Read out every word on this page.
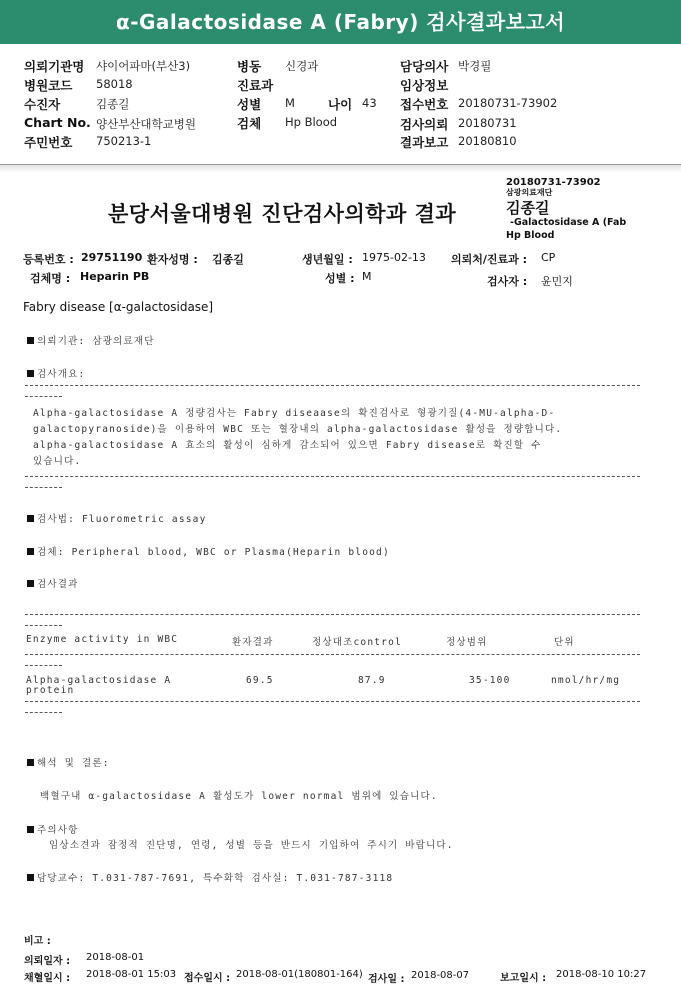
α-Galactosidase A (Fabry) 검사결과보고서
의뢰기관명 샤이어파마(부산3)
병원코드 58018
수진자	김종길
Chart No. 양산부산대학교병원
주민번호 750213-1
병동 신경과
진료과
성별 M	나이 43
검체 Hp Blood
담당의사 박경필
임상정보
접수번호 20180731-73902
검사의뢰 20180731
결과보고 20180810
20180731-73902
삼광의료재단
김종길
-Galactosidase A (Fab
Hp Blood
분당서울대병원 진단검사의학과 결과
등록번호 : 29751190 환자성명 : 김종길	생년월일 : 1975-02-13 의뢰처/진료과 : CP
검체명 : Heparin PB	성별 : M	검사자 : 윤민지
Fabry disease [α-galactosidase]
의뢰기관: 삼광의료재단
검사개요:
Alpha-galactosidase A 정량검사는 Fabry diseaase의 확진검사로 형광기질(4-MU-alpha-D-
galactopyranoside)을 이용하여 WBC 또는 혈장내의 alpha-galactosidase 활성을 정량합니다.
alpha-galactosidase A 효소의 활성이 심하게 감소되어 있으면 Fabry disease로 확진할 수
있습니다.
검사법: Fluorometric assay
검체: Peripheral blood, WBC or Plasma(Heparin blood)
검사결과
Enzyme activity in WBC	환자결과	정상대조control	정상범위	단위
Alpha-galactosidase A
protein
69.5	87.9	35-100	nmol/hr/mg
해석 및 결론:
백혈구내 α-galactosidase A 활성도가 lower normal 범위에 있습니다.
주의사항
임상소견과 잠정적 진단명, 연령, 성별 등을 반드시 기입하여 주시기 바랍니다.
담당교수: T.031-787-7691, 특수화학 검사실: T.031-787-3118
비고 :
의뢰일자 : 2018-08-01
채혈일시 : 2018-08-01 15:03 접수일시 : 2018-08-01(180801-164) 검사일 : 2018-08-07	보고일시 : 2018-08-10 10:27
